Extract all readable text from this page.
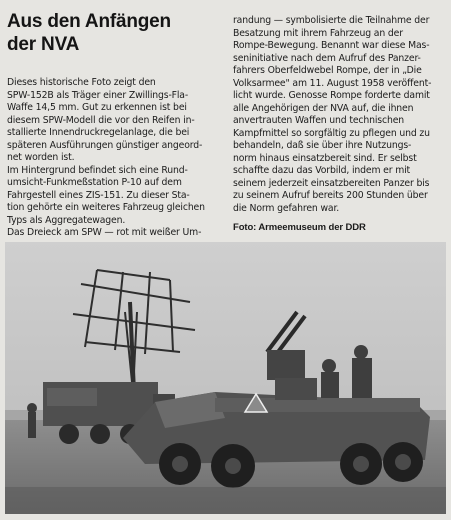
Aus den Anfängen
der NVA
Dieses historische Foto zeigt den
SPW-152B als Träger einer Zwillings-Fla-
Waffe 14,5 mm. Gut zu erkennen ist bei
diesem SPW-Modell die vor den Reifen in-
stallierte Innendruckregelanlage, die bei
späteren Ausführungen günstiger angeord-
net worden ist.
Im Hintergrund befindet sich eine Rund-
umsicht-Funkmeßstation P-10 auf dem
Fahrgestell eines ZIS-151. Zu dieser Sta-
tion gehörte ein weiteres Fahrzeug gleichen
Typs als Aggregatewagen.
Das Dreieck am SPW — rot mit weißer Um-
randung — symbolisierte die Teilnahme der
Besatzung mit ihrem Fahrzeug an der
Rompe-Bewegung. Benannt war diese Mas-
seninitiative nach dem Aufruf des Panzer-
fahrers Oberfeldwebel Rompe, der in „Die
Volksarmee" am 11. August 1958 veröffent-
licht wurde. Genosse Rompe forderte damit
alle Angehörigen der NVA auf, die ihnen
anvertrauten Waffen und technischen
Kampfmittel so sorgfältig zu pflegen und zu
behandeln, daß sie über ihre Nutzungs-
norm hinaus einsatzbereit sind. Er selbst
schaffte dazu das Vorbild, indem er mit
seinem jederzeit einsatzbereiten Panzer bis
zu seinem Aufruf bereits 200 Stunden über
die Norm gefahren war.
Foto: Armeemuseum der DDR
